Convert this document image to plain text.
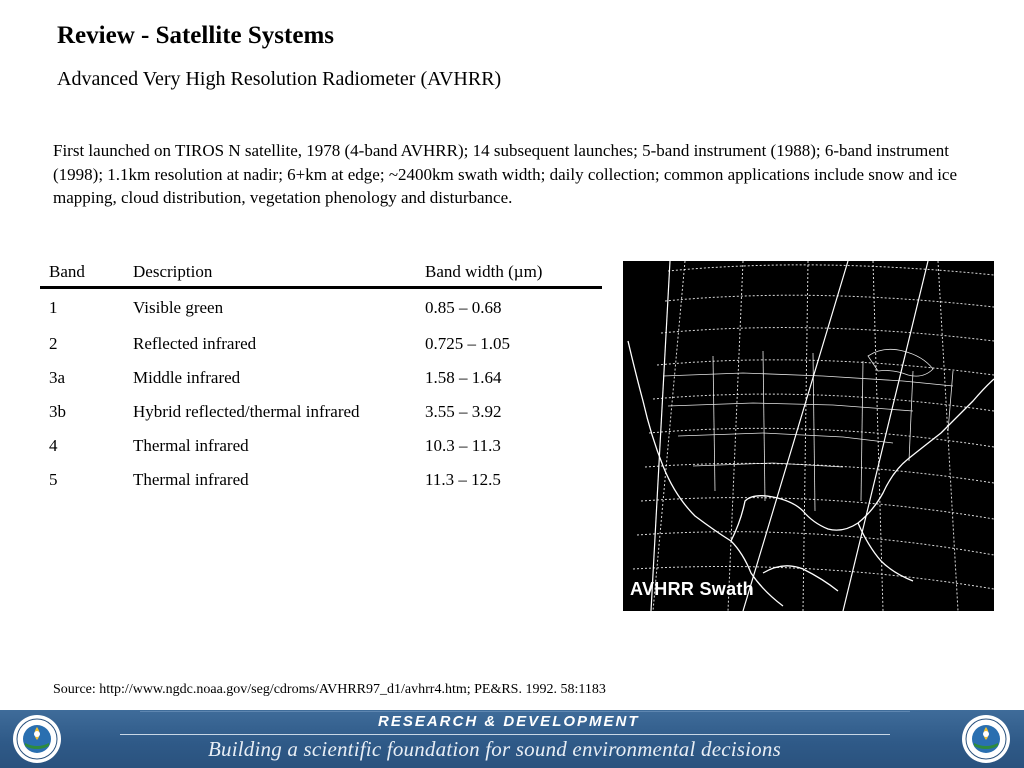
Review - Satellite Systems
Advanced Very High Resolution Radiometer (AVHRR)
First launched on TIROS N satellite, 1978 (4-band AVHRR); 14 subsequent launches; 5-band instrument (1988); 6-band instrument (1998); 1.1km resolution at nadir; 6+km at edge; ~2400km swath width; daily collection; common applications include snow and ice mapping, cloud distribution, vegetation phenology and disturbance.
Band	Description	Band width (µm)
1	Visible green	0.85 – 0.68
2	Reflected infrared	0.725 – 1.05
3a	Middle infrared	1.58 – 1.64
3b	Hybrid reflected/thermal infrared	3.55 – 3.92
4	Thermal infrared	10.3 – 11.3
5	Thermal infrared	11.3 – 12.5
AVHRR Swath
Source: http://www.ngdc.noaa.gov/seg/cdroms/AVHRR97_d1/avhrr4.htm; PE&RS. 1992. 58:1183
RESEARCH & DEVELOPMENT
Building a scientific foundation for sound environmental decisions
